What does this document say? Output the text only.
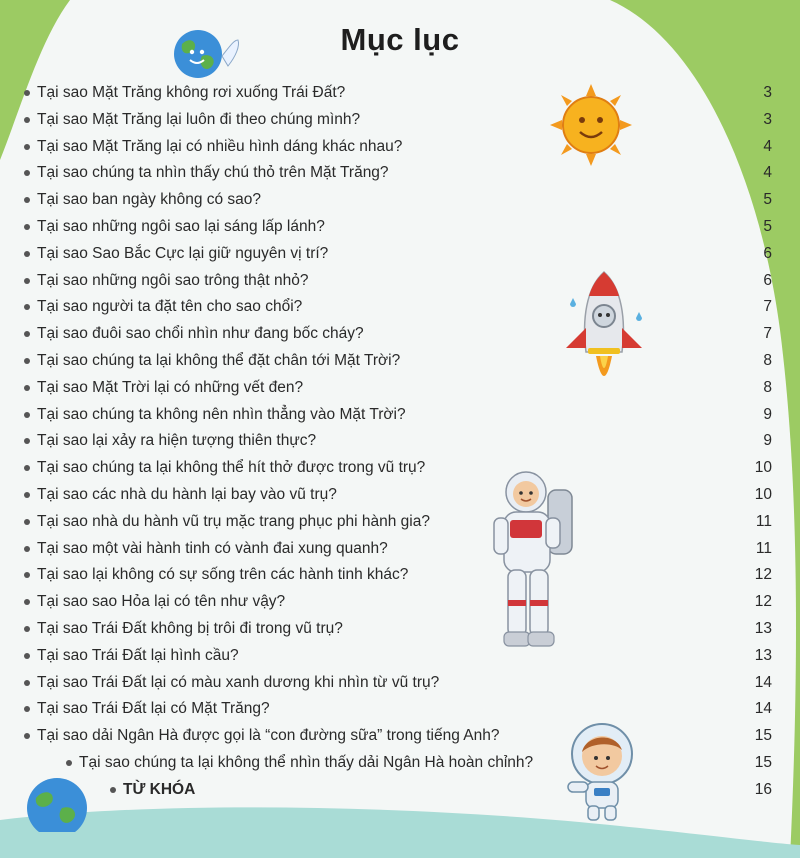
Mục lục
Tại sao Mặt Trăng không rơi xuống Trái Đất?	3
Tại sao Mặt Trăng lại luôn đi theo chúng mình?	3
Tại sao Mặt Trăng lại có nhiều hình dáng khác nhau?	4
Tại sao chúng ta nhìn thấy chú thỏ trên Mặt Trăng?	4
Tại sao ban ngày không có sao?	5
Tại sao những ngôi sao lại sáng lấp lánh?	5
Tại sao Sao Bắc Cực lại giữ nguyên vị trí?	6
Tại sao những ngôi sao trông thật nhỏ?	6
Tại sao người ta đặt tên cho sao chổi?	7
Tại sao đuôi sao chổi nhìn như đang bốc cháy?	7
Tại sao chúng ta lại không thể đặt chân tới Mặt Trời?	8
Tại sao Mặt Trời lại có những vết đen?	8
Tại sao chúng ta không nên nhìn thẳng vào Mặt Trời?	9
Tại sao lại xảy ra hiện tượng thiên thực?	9
Tại sao chúng ta lại không thể hít thở được trong vũ trụ?	10
Tại sao các nhà du hành lại bay vào vũ trụ?	10
Tại sao nhà du hành vũ trụ mặc trang phục phi hành gia?	11
Tại sao một vài hành tinh có vành đai xung quanh?	11
Tại sao lại không có sự sống trên các hành tinh khác?	12
Tại sao sao Hỏa lại có tên như vậy?	12
Tại sao Trái Đất không bị trôi đi trong vũ trụ?	13
Tại sao Trái Đất lại hình cầu?	13
Tại sao Trái Đất lại có màu xanh dương khi nhìn từ vũ trụ?	14
Tại sao Trái Đất lại có Mặt Trăng?	14
Tại sao dải Ngân Hà được gọi là “con đường sữa” trong tiếng Anh?	15
Tại sao chúng ta lại không thể nhìn thấy dải Ngân Hà hoàn chỉnh?	15
TỪ KHÓA	16
